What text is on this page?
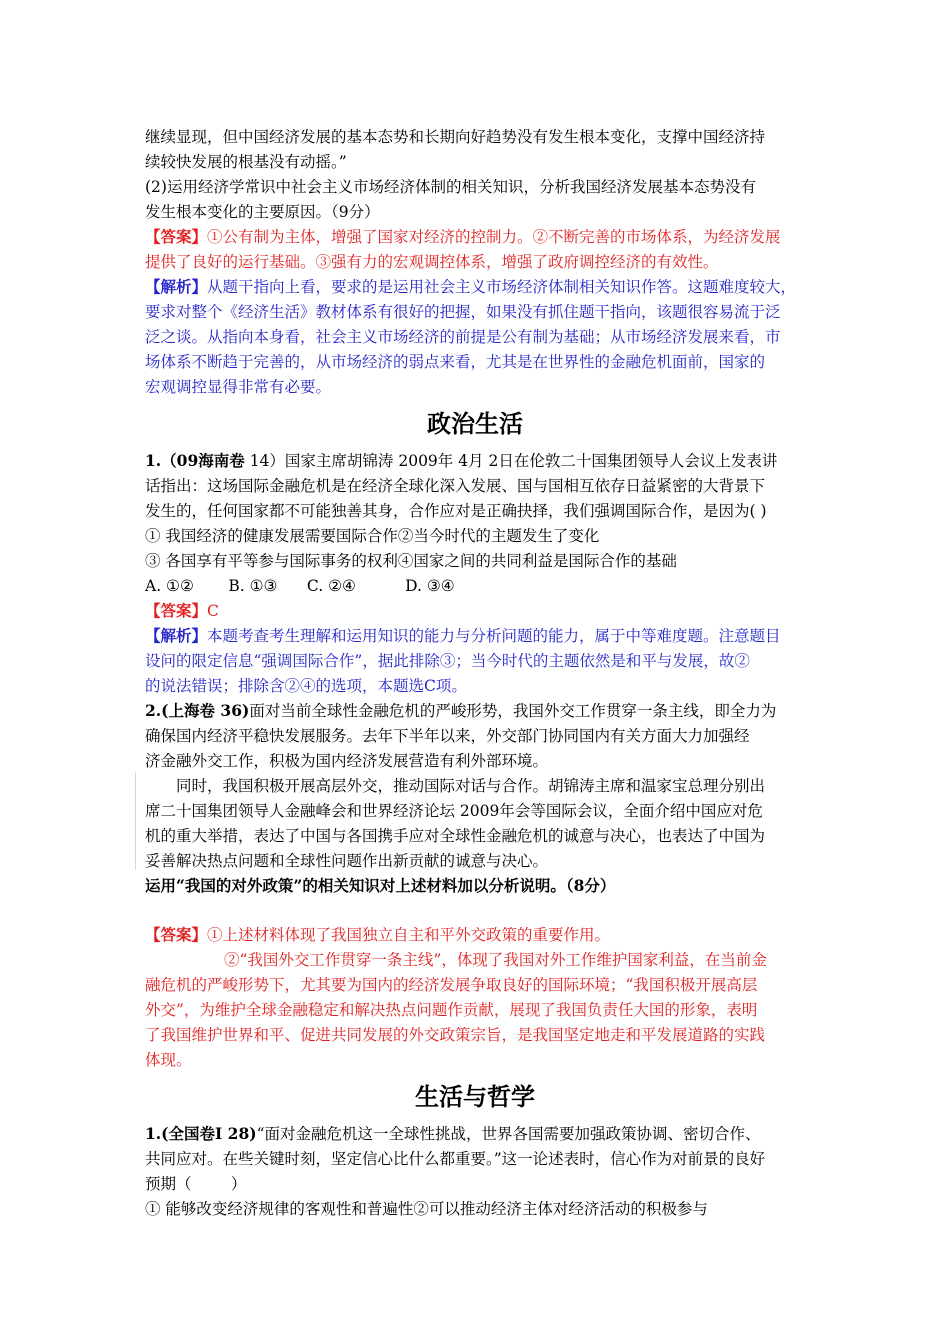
继续显现，但中国经济发展的基本态势和长期向好趋势没有发生根本变化，支撑中国经济持
续较快发展的根基没有动摇。”
(2)运用经济学常识中社会主义市场经济体制的相关知识，分析我国经济发展基本态势没有
发生根本变化的主要原因。（9分）
【答案】①公有制为主体，增强了国家对经济的控制力。②不断完善的市场体系，为经济发展
提供了良好的运行基础。③强有力的宏观调控体系，增强了政府调控经济的有效性。
【解析】从题干指向上看，要求的是运用社会主义市场经济体制相关知识作答。这题难度较大，
要求对整个《经济生活》教材体系有很好的把握，如果没有抓住题干指向，该题很容易流于泛
泛之谈。从指向本身看，社会主义市场经济的前提是公有制为基础；从市场经济发展来看，市
场体系不断趋于完善的，从市场经济的弱点来看，尤其是在世界性的金融危机面前，国家的
宏观调控显得非常有必要。
政治生活
1.（09海南卷 14）国家主席胡锦涛 2009年 4月 2日在伦敦二十国集团领导人会议上发表讲
话指出：这场国际金融危机是在经济全球化深入发展、国与国相互依存日益紧密的大背景下
发生的，任何国家都不可能独善其身，合作应对是正确抉择，我们强调国际合作，是因为( )
① 我国经济的健康发展需要国际合作②当今时代的主题发生了变化
③ 各国享有平等参与国际事务的权利④国家之间的共同利益是国际合作的基础
A. ①②       B. ①③      C. ②④          D. ③④
【答案】C
【解析】本题考查考生理解和运用知识的能力与分析问题的能力，属于中等难度题。注意题目
设问的限定信息“强调国际合作”，据此排除③；当今时代的主题依然是和平与发展，故②
的说法错误；排除含②④的选项，本题选C项。
2.(上海卷 36)面对当前全球性金融危机的严峻形势，我国外交工作贯穿一条主线，即全力为
确保国内经济平稳快发展服务。去年下半年以来，外交部门协同国内有关方面大力加强经
济金融外交工作，积极为国内经济发展营造有利外部环境。
同时，我国积极开展高层外交，推动国际对话与合作。胡锦涛主席和温家宝总理分别出
席二十国集团领导人金融峰会和世界经济论坛 2009年会等国际会议，全面介绍中国应对危
机的重大举措，表达了中国与各国携手应对全球性金融危机的诚意与决心，也表达了中国为
妥善解决热点问题和全球性问题作出新贡献的诚意与决心。
运用“我国的对外政策”的相关知识对上述材料加以分析说明。（8分）
【答案】①上述材料体现了我国独立自主和平外交政策的重要作用。
②“我国外交工作贯穿一条主线”，体现了我国对外工作维护国家利益，在当前金
融危机的严峻形势下，尤其要为国内的经济发展争取良好的国际环境；“我国积极开展高层
外交”，为维护全球金融稳定和解决热点问题作贡献，展现了我国负责任大国的形象，表明
了我国维护世界和平、促进共同发展的外交政策宗旨，是我国坚定地走和平发展道路的实践
体现。
生活与哲学
1.(全国卷Ⅰ 28)“面对金融危机这一全球性挑战，世界各国需要加强政策协调、密切合作、
共同应对。在些关键时刻，坚定信心比什么都重要。”这一论述表时，信心作为对前景的良好
预期（        ）
① 能够改变经济规律的客观性和普遍性②可以推动经济主体对经济活动的积极参与
